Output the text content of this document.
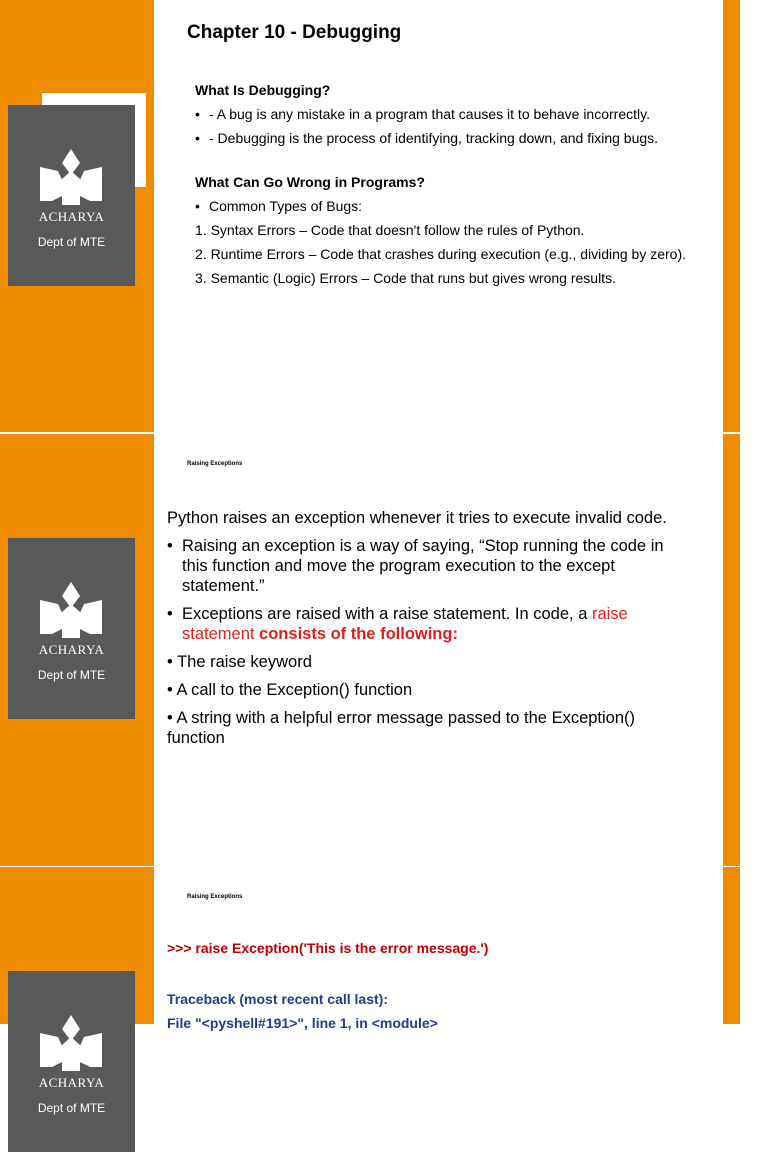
ACHARYA
Dept of MTE
Chapter 10 - Debugging
What Is Debugging?
• - A bug is any mistake in a program that causes it to behave incorrectly.
• - Debugging is the process of identifying, tracking down, and fixing bugs.
What Can Go Wrong in Programs?
• Common Types of Bugs:
1. Syntax Errors – Code that doesn't follow the rules of Python.
2. Runtime Errors – Code that crashes during execution (e.g., dividing by zero).
3. Semantic (Logic) Errors – Code that runs but gives wrong results.
ACHARYA
Dept of MTE
Raising Exceptions

Python raises an exception whenever it tries to execute invalid code.

• Raising an exception is a way of saying, “Stop running the code in this function and move the program execution to the except statement.”
• Exceptions are raised with a raise statement. In code, a raise statement consists of the following:

• The raise keyword

• A call to the Exception() function

• A string with a helpful error message passed to the Exception() function

ACHARYA
Dept of MTE
Raising Exceptions
>>> raise Exception('This is the error message.')
Traceback (most recent call last):
File "<pyshell#191>", line 1, in <module>
